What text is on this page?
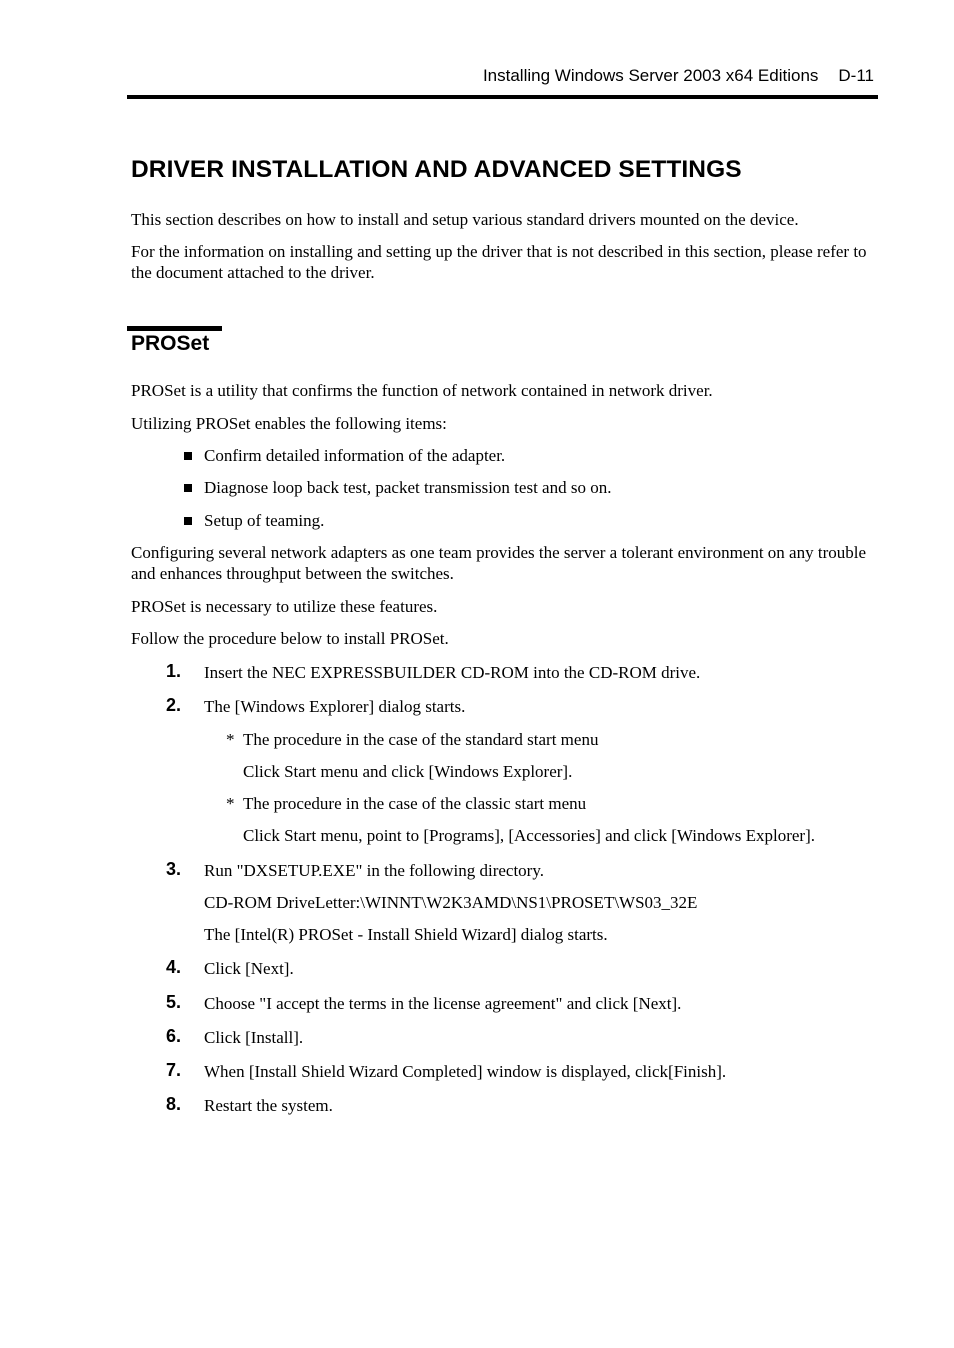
Installing Windows Server 2003 x64 Editions D-11
DRIVER INSTALLATION AND ADVANCED SETTINGS
This section describes on how to install and setup various standard drivers mounted on the device.
For the information on installing and setting up the driver that is not described in this section, please refer to the document attached to the driver.
PROSet
PROSet is a utility that confirms the function of network contained in network driver.
Utilizing PROSet enables the following items:
Confirm detailed information of the adapter.
Diagnose loop back test, packet transmission test and so on.
Setup of teaming.
Configuring several network adapters as one team provides the server a tolerant environment on any trouble and enhances throughput between the switches.
PROSet is necessary to utilize these features.
Follow the procedure below to install PROSet.
1.	Insert the NEC EXPRESSBUILDER CD-ROM into the CD-ROM drive.
2.	The [Windows Explorer] dialog starts.
* The procedure in the case of the standard start menu
Click Start menu and click [Windows Explorer].
* The procedure in the case of the classic start menu
Click Start menu, point to [Programs], [Accessories] and click [Windows Explorer].
3.	Run "DXSETUP.EXE" in the following directory.
CD-ROM DriveLetter:\WINNT\W2K3AMD\NS1\PROSET\WS03_32E
The [Intel(R) PROSet - Install Shield Wizard] dialog starts.
4.	Click [Next].
5.	Choose "I accept the terms in the license agreement" and click [Next].
6.	Click [Install].
7.	When [Install Shield Wizard Completed] window is displayed, click[Finish].
8.	Restart the system.
